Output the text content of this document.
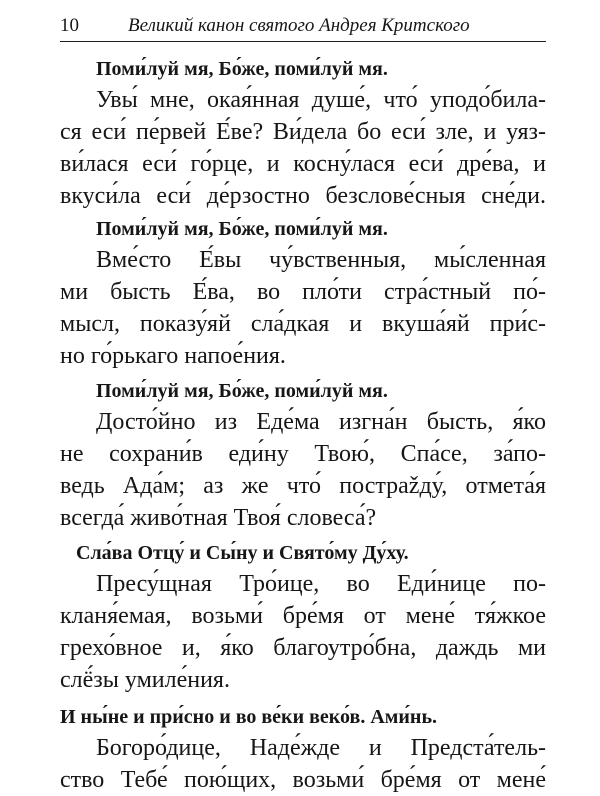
10	Великий канон святого Андрея Критского
Поми́луй мя, Бо́же, поми́луй мя.
Увы́ мне, окая́нная душе́, что́ уподо́била-
ся еси́ пе́рвей Е́ве? Ви́дела бо еси́ зле, и уяз-
ви́лася еси́ го́рце, и косну́лася еси́ дре́ва, и
вкуси́ла еси́ де́рзостно безслове́сныя сне́ди.
Поми́луй мя, Бо́же, поми́луй мя.
Вме́сто Е́вы чу́вственныя, мы́сленная
ми бысть Е́ва, во пло́ти стра́стный по́-
мысл, показу́яй сла́дкая и вкуша́яй при́с-
но го́рькаго напое́ния.
Поми́луй мя, Бо́же, поми́луй мя.
Досто́йно из Еде́ма изгна́н бысть, я́ко
не сохрани́в еди́ну Твою́, Спа́се, за́по-
ведь Ада́м; аз же что́ пострažду́, отмета́я
всегда́ живо́тная Твоя́ словеса́?
Сла́ва Отцу́ и Сы́ну и Свято́му Ду́ху.
Пресу́щная Тро́ице, во Еди́нице по-
кланя́емая, возьми́ бре́мя от мене́ тя́жкое
грехо́вное и, я́ко благоутро́бна, даждь ми
слё́зы умиле́ния.
И ны́не и при́сно и во ве́ки веко́в. Ами́нь.
Богоро́дице, Наде́жде и Предста́тель-
ство Тебе́ пою́щих, возьми́ бре́мя от мене́
